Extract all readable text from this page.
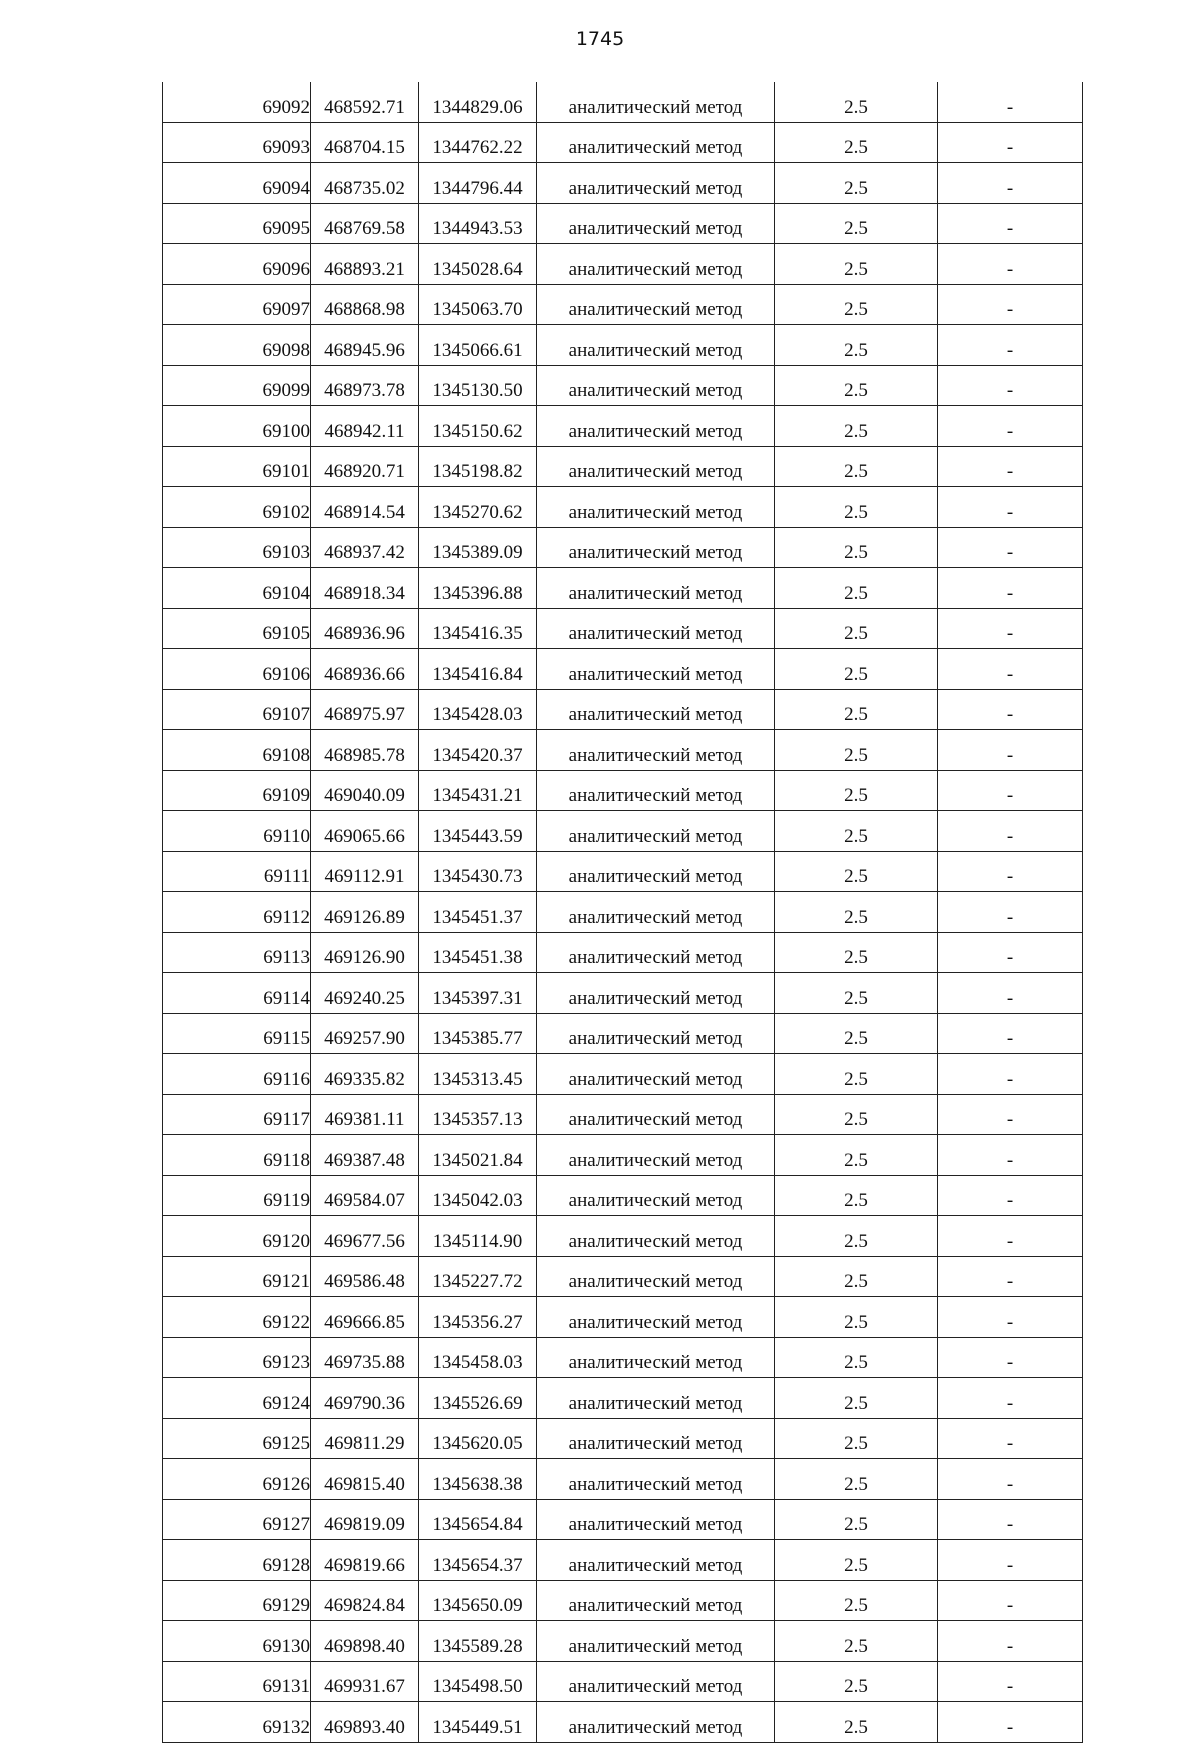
1745
69092	468592.71	1344829.06	аналитический метод	2.5	-
69093	468704.15	1344762.22	аналитический метод	2.5	-
69094	468735.02	1344796.44	аналитический метод	2.5	-
69095	468769.58	1344943.53	аналитический метод	2.5	-
69096	468893.21	1345028.64	аналитический метод	2.5	-
69097	468868.98	1345063.70	аналитический метод	2.5	-
69098	468945.96	1345066.61	аналитический метод	2.5	-
69099	468973.78	1345130.50	аналитический метод	2.5	-
69100	468942.11	1345150.62	аналитический метод	2.5	-
69101	468920.71	1345198.82	аналитический метод	2.5	-
69102	468914.54	1345270.62	аналитический метод	2.5	-
69103	468937.42	1345389.09	аналитический метод	2.5	-
69104	468918.34	1345396.88	аналитический метод	2.5	-
69105	468936.96	1345416.35	аналитический метод	2.5	-
69106	468936.66	1345416.84	аналитический метод	2.5	-
69107	468975.97	1345428.03	аналитический метод	2.5	-
69108	468985.78	1345420.37	аналитический метод	2.5	-
69109	469040.09	1345431.21	аналитический метод	2.5	-
69110	469065.66	1345443.59	аналитический метод	2.5	-
69111	469112.91	1345430.73	аналитический метод	2.5	-
69112	469126.89	1345451.37	аналитический метод	2.5	-
69113	469126.90	1345451.38	аналитический метод	2.5	-
69114	469240.25	1345397.31	аналитический метод	2.5	-
69115	469257.90	1345385.77	аналитический метод	2.5	-
69116	469335.82	1345313.45	аналитический метод	2.5	-
69117	469381.11	1345357.13	аналитический метод	2.5	-
69118	469387.48	1345021.84	аналитический метод	2.5	-
69119	469584.07	1345042.03	аналитический метод	2.5	-
69120	469677.56	1345114.90	аналитический метод	2.5	-
69121	469586.48	1345227.72	аналитический метод	2.5	-
69122	469666.85	1345356.27	аналитический метод	2.5	-
69123	469735.88	1345458.03	аналитический метод	2.5	-
69124	469790.36	1345526.69	аналитический метод	2.5	-
69125	469811.29	1345620.05	аналитический метод	2.5	-
69126	469815.40	1345638.38	аналитический метод	2.5	-
69127	469819.09	1345654.84	аналитический метод	2.5	-
69128	469819.66	1345654.37	аналитический метод	2.5	-
69129	469824.84	1345650.09	аналитический метод	2.5	-
69130	469898.40	1345589.28	аналитический метод	2.5	-
69131	469931.67	1345498.50	аналитический метод	2.5	-
69132	469893.40	1345449.51	аналитический метод	2.5	-
